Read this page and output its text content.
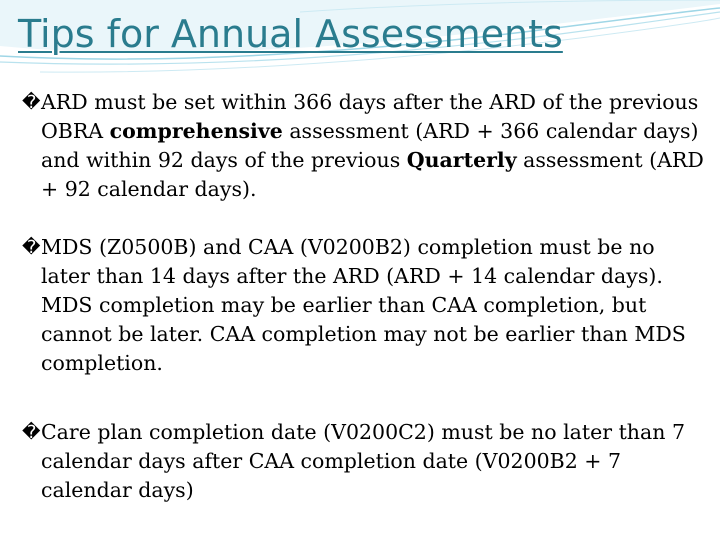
Tips for Annual Assessments
� ARD must be set within 366 days after the ARD of the previous OBRA comprehensive assessment (ARD + 366 calendar days) and within 92 days of the previous Quarterly assessment (ARD + 92 calendar days).
� MDS (Z0500B) and CAA (V0200B2) completion must be no later than 14 days after the ARD (ARD + 14 calendar days). MDS completion may be earlier than CAA completion, but cannot be later. CAA completion may not be earlier than MDS completion.
� Care plan completion date (V0200C2) must be no later than 7 calendar days after CAA completion date (V0200B2 + 7 calendar days)
